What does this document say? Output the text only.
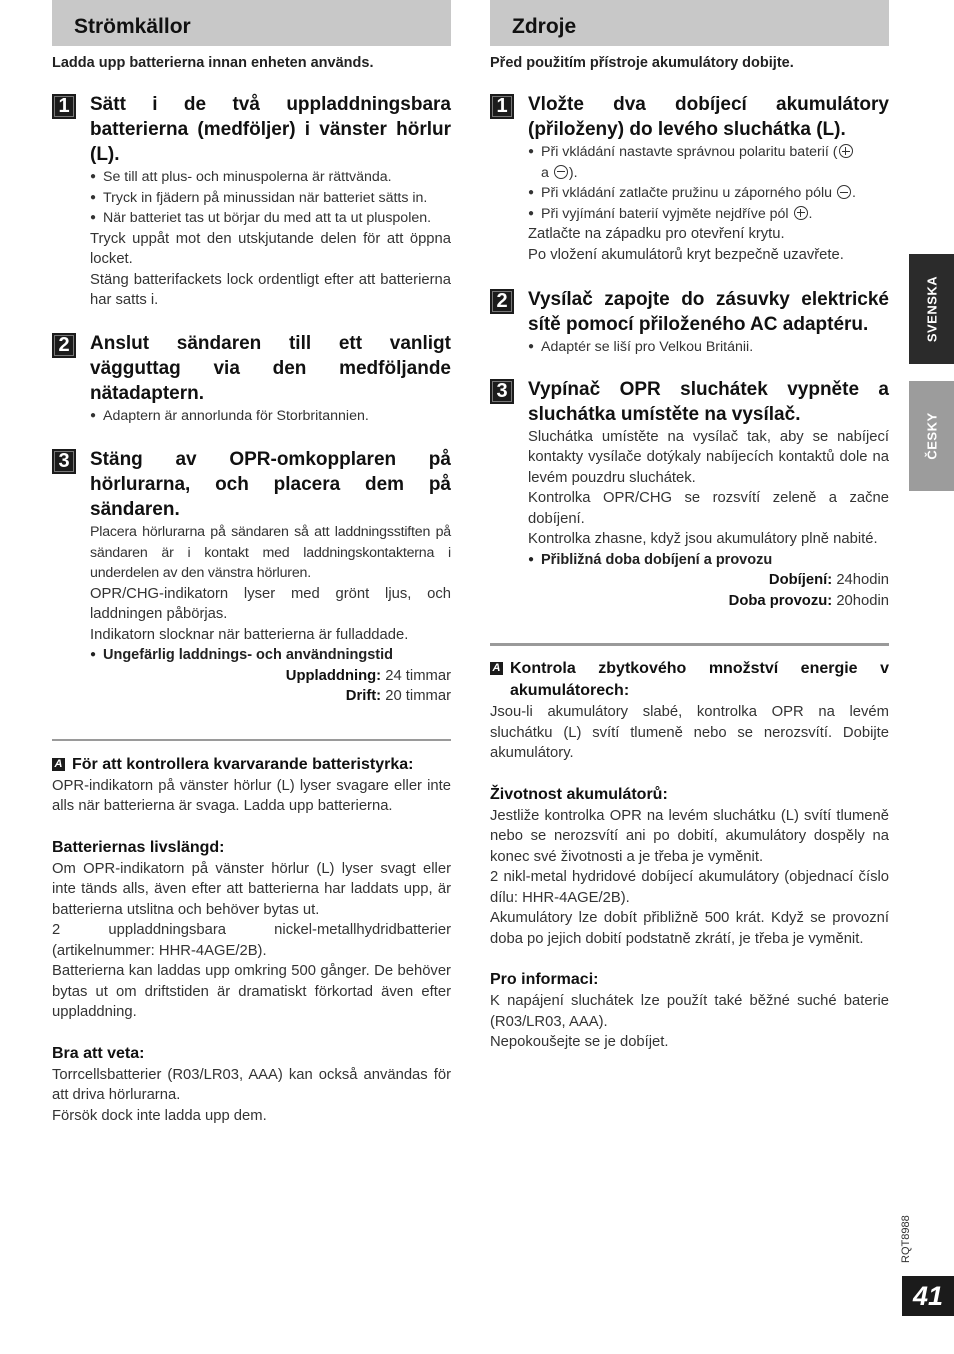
Strömkällor
Ladda upp batterierna innan enheten används.
1	Sätt i de två uppladdningsbara batterierna (medföljer) i vänster hörlur (L).
● Se till att plus- och minuspolerna är rättvända.
● Tryck in fjädern på minussidan när batteriet sätts in.
● När batteriet tas ut börjar du med att ta ut pluspolen.
Tryck uppåt mot den utskjutande delen för att öppna locket.
Stäng batterifackets lock ordentligt efter att batterierna har satts i.
2	Anslut sändaren till ett vanligt vägguttag via den medföljande nätadaptern.
● Adaptern är annorlunda för Storbritannien.
3	Stäng av OPR-omkopplaren på hörlurarna, och placera dem på sändaren.
Placera hörlurarna på sändaren så att laddningsstiften på sändaren är i kontakt med laddningskontakterna i underdelen av den vänstra hörluren.
OPR/CHG-indikatorn lyser med grönt ljus, och laddningen påbörjas.
Indikatorn slocknar när batterierna är fulladdade.
● Ungefärlig laddnings- och användningstid
Uppladdning: 24 timmar
Drift: 20 timmar
A För att kontrollera kvarvarande batteristyrka:
OPR-indikatorn på vänster hörlur (L) lyser svagare eller inte alls när batterierna är svaga. Ladda upp batterierna.
Batteriernas livslängd:
Om OPR-indikatorn på vänster hörlur (L) lyser svagt eller inte tänds alls, även efter att batterierna har laddats upp, är batterierna utslitna och behöver bytas ut.
2 uppladdningsbara nickel-metallhydridbatterier (artikelnummer: HHR-4AGE/2B).
Batterierna kan laddas upp omkring 500 gånger. De behöver bytas ut om driftstiden är dramatiskt förkortad även efter uppladdning.
Bra att veta:
Torrcellsbatterier (R03/LR03, AAA) kan också användas för att driva hörlurarna.
Försök dock inte ladda upp dem.
Zdroje
Před použitím přístroje akumulátory dobijte.
1	Vložte dva dobíjecí akumulátory (přiloženy) do levého sluchátka (L).
● Při vkládání nastavte správnou polaritu baterií (
a ).
● Při vkládání zatlačte pružinu u záporného pólu .
● Při vyjímání baterií vyjměte nejdříve pól .
Zatlačte na západku pro otevření krytu.
Po vložení akumulátorů kryt bezpečně uzavřete.
2	Vysílač zapojte do zásuvky elektrické sítě pomocí přiloženého AC adaptéru.
● Adaptér se liší pro Velkou Británii.
3	Vypínač OPR sluchátek vypněte a sluchátka umístěte na vysílač.
Sluchátka umístěte na vysílač tak, aby se nabíjecí kontakty vysílače dotýkaly nabíjecích kontaktů dole na levém pouzdru sluchátek.
Kontrolka OPR/CHG se rozsvítí zeleně a začne dobíjení.
Kontrolka zhasne, když jsou akumulátory plně nabité.
● Přibližná doba dobíjení a provozu
Dobíjení: 24hodin
Doba provozu: 20hodin
A Kontrola zbytkového množství energie v akumulátorech:
Jsou-li akumulátory slabé, kontrolka OPR na levém sluchátku (L) svítí tlumeně nebo se nerozsvítí. Dobijte akumulátory.
Životnost akumulátorů:
Jestliže kontrolka OPR na levém sluchátku (L) svítí tlumeně nebo se nerozsvítí ani po dobití, akumulátory dospěly na konec své životnosti a je třeba je vyměnit.
2 nikl-metal hydridové dobíjecí akumulátory (objednací číslo dílu: HHR-4AGE/2B).
Akumulátory lze dobít přibližně 500 krát. Když se provozní doba po jejich dobití podstatně zkrátí, je třeba je vyměnit.
Pro informaci:
K napájení sluchátek lze použít také běžné suché baterie (R03/LR03, AAA).
Nepokoušejte se je dobíjet.
SVENSKA
ČESKY
RQT8988
41
